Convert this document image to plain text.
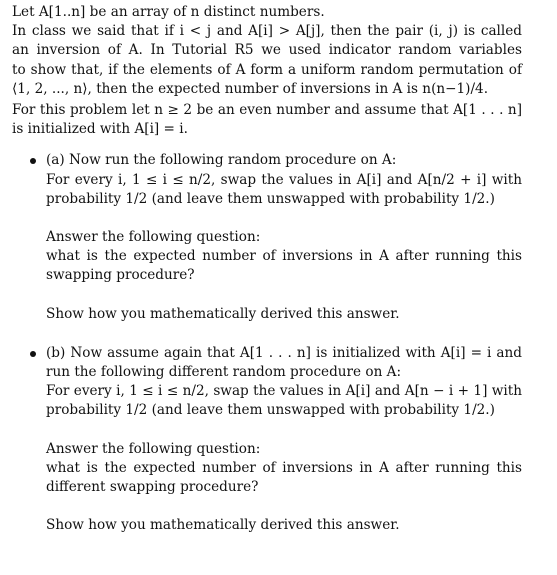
Let A[1..n] be an array of n distinct numbers.
In class we said that if i < j and A[i] > A[j], then the pair (i, j) is called
an inversion of A. In Tutorial R5 we used indicator random variables
to show that, if the elements of A form a uniform random permutation of
⟨1, 2, ..., n⟩, then the expected number of inversions in A is n(n−1)/4.
For this problem let n ≥ 2 be an even number and assume that A[1 . . . n]
is initialized with A[i] = i.
(a) Now run the following random procedure on A:
For every i, 1 ≤ i ≤ n/2, swap the values in A[i] and A[n/2 + i] with
probability 1/2 (and leave them unswapped with probability 1/2.)
Answer the following question:
what is the expected number of inversions in A after running this
swapping procedure?
Show how you mathematically derived this answer.
(b) Now assume again that A[1 . . . n] is initialized with A[i] = i and
run the following different random procedure on A:
For every i, 1 ≤ i ≤ n/2, swap the values in A[i] and A[n − i + 1] with
probability 1/2 (and leave them unswapped with probability 1/2.)
Answer the following question:
what is the expected number of inversions in A after running this
different swapping procedure?
Show how you mathematically derived this answer.
